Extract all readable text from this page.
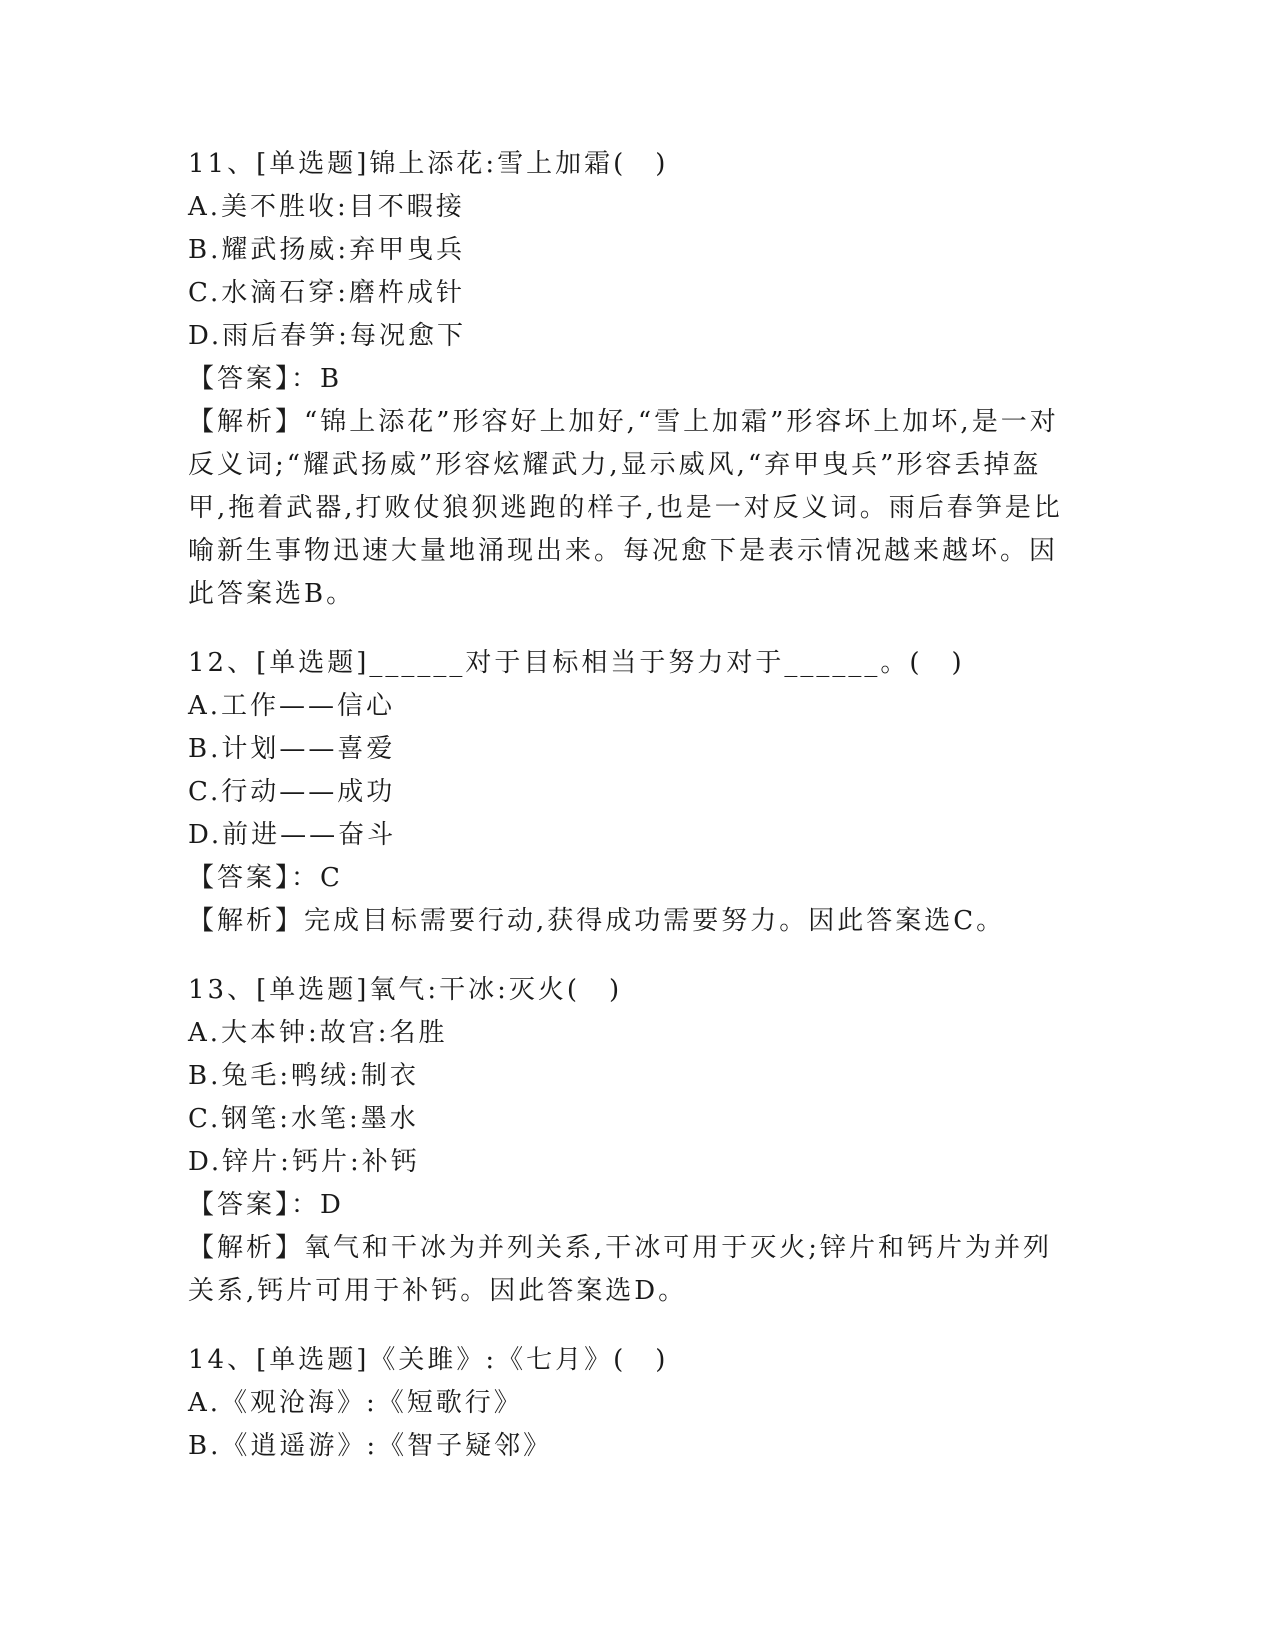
11、[单选题]锦上添花:雪上加霜(　)
A.美不胜收:目不暇接
B.耀武扬威:弃甲曳兵
C.水滴石穿:磨杵成针
D.雨后春笋:每况愈下
【答案】：B
【解析】“锦上添花”形容好上加好,“雪上加霜”形容坏上加坏,是一对反义词;“耀武扬威”形容炫耀武力,显示威风,“弃甲曳兵”形容丢掉盔甲,拖着武器,打败仗狼狈逃跑的样子,也是一对反义词。雨后春笋是比喻新生事物迅速大量地涌现出来。每况愈下是表示情况越来越坏。因此答案选B。
12、[单选题]______对于目标相当于努力对于______。(　)
A.工作——信心
B.计划——喜爱
C.行动——成功
D.前进——奋斗
【答案】：C
【解析】完成目标需要行动,获得成功需要努力。因此答案选C。
13、[单选题]氧气:干冰:灭火(　)
A.大本钟:故宫:名胜
B.兔毛:鸭绒:制衣
C.钢笔:水笔:墨水
D.锌片:钙片:补钙
【答案】：D
【解析】氧气和干冰为并列关系,干冰可用于灭火;锌片和钙片为并列关系,钙片可用于补钙。因此答案选D。
14、[单选题]《关雎》:《七月》(　)
A.《观沧海》:《短歌行》
B.《逍遥游》:《智子疑邻》
